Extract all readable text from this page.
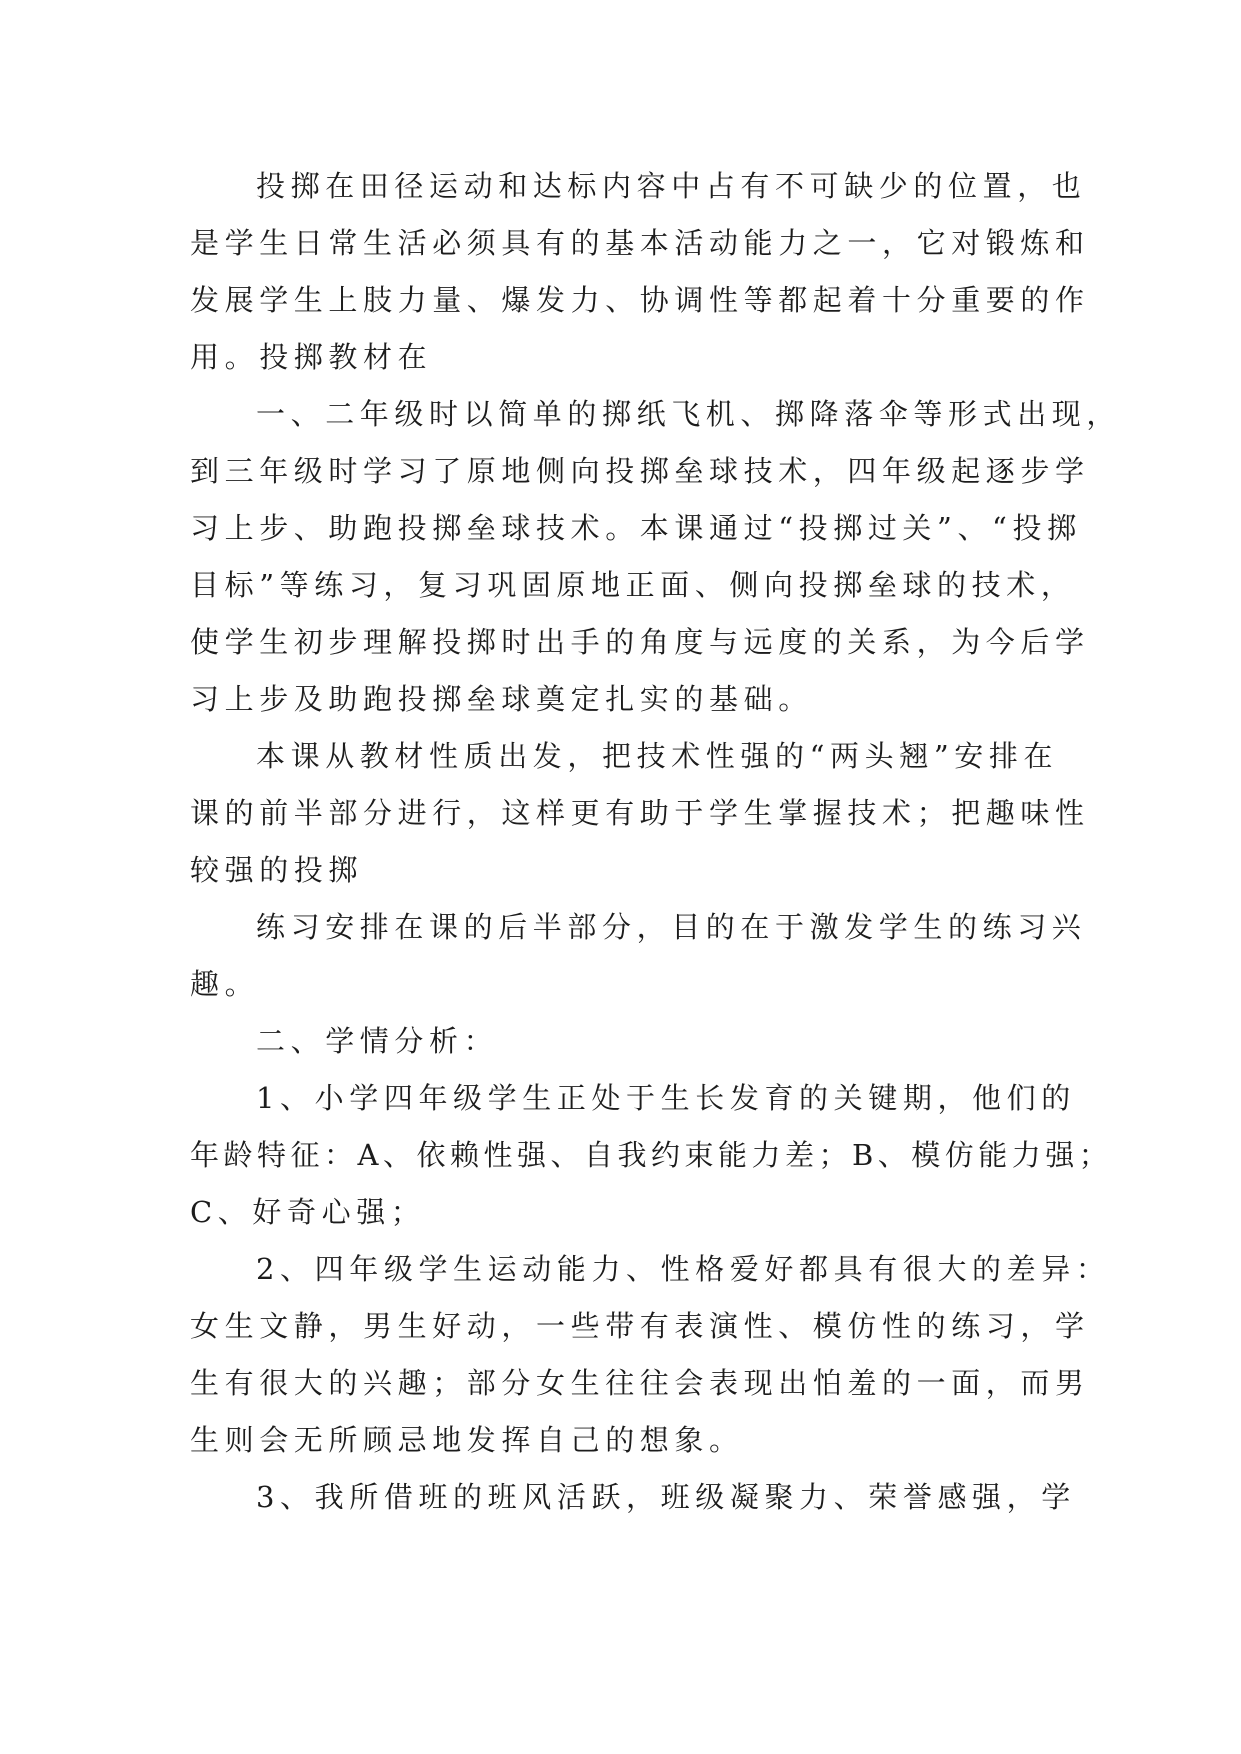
投掷在田径运动和达标内容中占有不可缺少的位置，也
是学生日常生活必须具有的基本活动能力之一，它对锻炼和
发展学生上肢力量、爆发力、协调性等都起着十分重要的作
用。投掷教材在
一、二年级时以简单的掷纸飞机、掷降落伞等形式出现，
到三年级时学习了原地侧向投掷垒球技术，四年级起逐步学
习上步、助跑投掷垒球技术。本课通过“投掷过关”、“投掷
目标”等练习，复习巩固原地正面、侧向投掷垒球的技术，
使学生初步理解投掷时出手的角度与远度的关系，为今后学
习上步及助跑投掷垒球奠定扎实的基础。
本课从教材性质出发，把技术性强的“两头翘”安排在
课的前半部分进行，这样更有助于学生掌握技术；把趣味性
较强的投掷
练习安排在课的后半部分，目的在于激发学生的练习兴
趣。
二、学情分析：
1、小学四年级学生正处于生长发育的关键期，他们的
年龄特征：A、依赖性强、自我约束能力差；B、模仿能力强；
C、好奇心强；
2、四年级学生运动能力、性格爱好都具有很大的差异：
女生文静，男生好动，一些带有表演性、模仿性的练习，学
生有很大的兴趣；部分女生往往会表现出怕羞的一面，而男
生则会无所顾忌地发挥自己的想象。
3、我所借班的班风活跃，班级凝聚力、荣誉感强，学
